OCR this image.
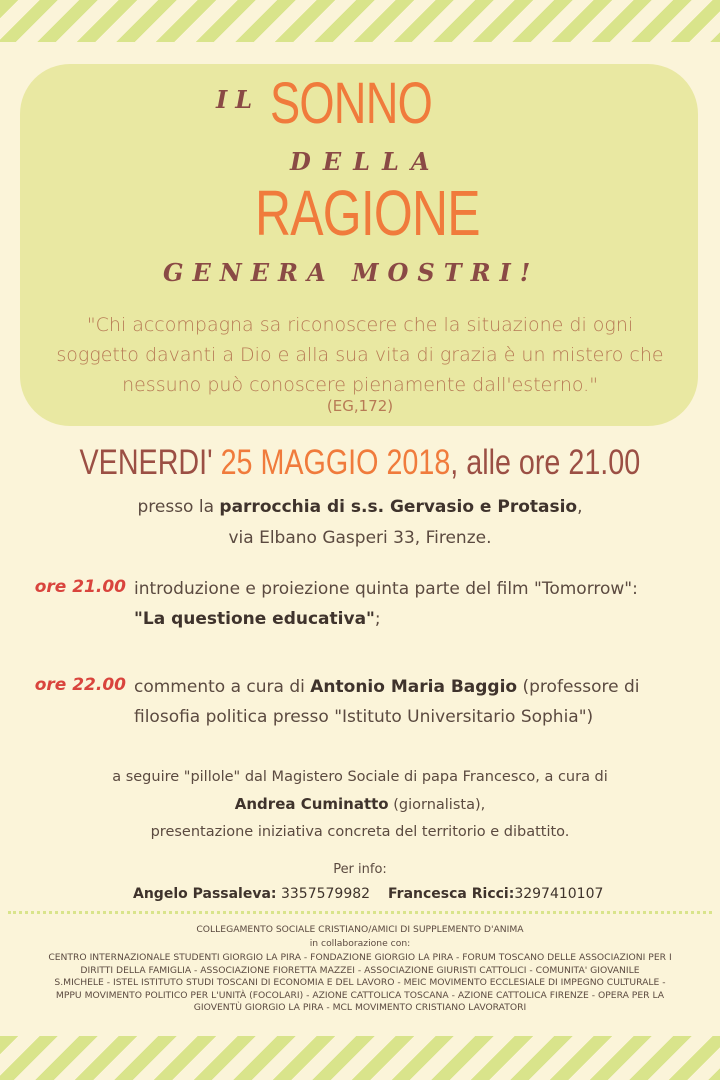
IL SONNO
DELLA
RAGIONE
GENERA MOSTRI!
"Chi accompagna sa riconoscere che la situazione di ogni
soggetto davanti a Dio e alla sua vita di grazia è un mistero che
nessuno può conoscere pienamente dall'esterno."
(EG,172)
VENERDI' 25 MAGGIO 2018, alle ore 21.00
presso la parrocchia di s.s. Gervasio e Protasio,
via Elbano Gasperi 33, Firenze.
ore 21.00 introduzione e proiezione quinta parte del film "Tomorrow":
"La questione educativa";
ore 22.00 commento a cura di Antonio Maria Baggio (professore di
filosofia politica presso "Istituto Universitario Sophia")
a seguire "pillole" dal Magistero Sociale di papa Francesco, a cura di
Andrea Cuminatto (giornalista),
presentazione iniziativa concreta del territorio e dibattito.
Per info:
Angelo Passaleva: 3357579982 Francesca Ricci:3297410107
COLLEGAMENTO SOCIALE CRISTIANO/AMICI DI SUPPLEMENTO D'ANIMA
in collaborazione con:
CENTRO INTERNAZIONALE STUDENTI GIORGIO LA PIRA - FONDAZIONE GIORGIO LA PIRA - FORUM TOSCANO DELLE ASSOCIAZIONI PER I
DIRITTI DELLA FAMIGLIA - ASSOCIAZIONE FIORETTA MAZZEI - ASSOCIAZIONE GIURISTI CATTOLICI - COMUNITA' GIOVANILE
S.MICHELE - ISTEL ISTITUTO STUDI TOSCANI DI ECONOMIA E DEL LAVORO - MEIC MOVIMENTO ECCLESIALE DI IMPEGNO CULTURALE -
MPPU MOVIMENTO POLITICO PER L'UNITÀ (FOCOLARI) - AZIONE CATTOLICA TOSCANA - AZIONE CATTOLICA FIRENZE - OPERA PER LA
GIOVENTÙ GIORGIO LA PIRA - MCL MOVIMENTO CRISTIANO LAVORATORI
